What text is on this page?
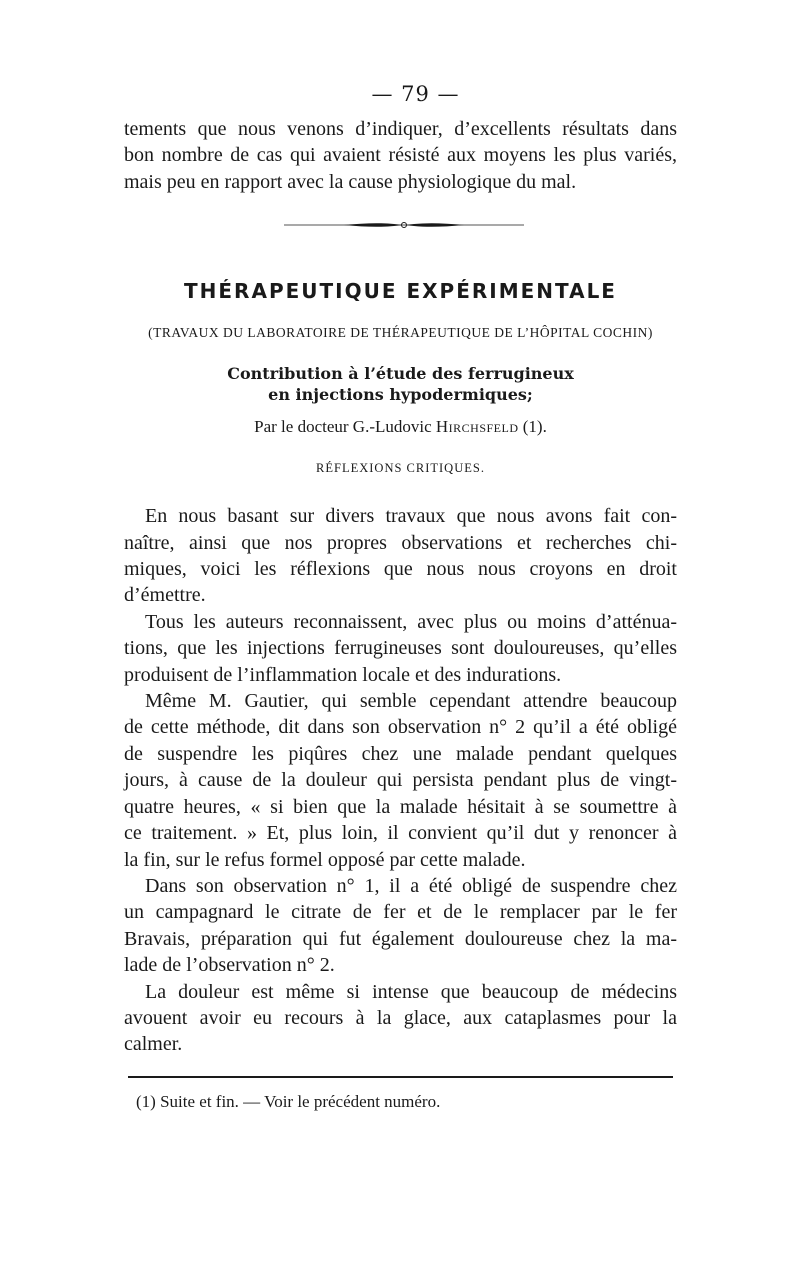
— 79 —
tements que nous venons d’indiquer, d’excellents résultats dans
bon nombre de cas qui avaient résisté aux moyens les plus variés,
mais peu en rapport avec la cause physiologique du mal.
THÉRAPEUTIQUE EXPÉRIMENTALE
(TRAVAUX DU LABORATOIRE DE THÉRAPEUTIQUE DE L’HÔPITAL COCHIN)
Contribution à l’étude des ferrugineux
en injections hypodermiques;
Par le docteur G.-Ludovic Hirchsfeld (1).
RÉFLEXIONS CRITIQUES.
En nous basant sur divers travaux que nous avons fait con-
naître, ainsi que nos propres observations et recherches chi-
miques, voici les réflexions que nous nous croyons en droit
d’émettre.
Tous les auteurs reconnaissent, avec plus ou moins d’atténua-
tions, que les injections ferrugineuses sont douloureuses, qu’elles
produisent de l’inflammation locale et des indurations.
Même M. Gautier, qui semble cependant attendre beaucoup
de cette méthode, dit dans son observation n° 2 qu’il a été obligé
de suspendre les piqûres chez une malade pendant quelques
jours, à cause de la douleur qui persista pendant plus de vingt-
quatre heures, « si bien que la malade hésitait à se soumettre à
ce traitement. » Et, plus loin, il convient qu’il dut y renoncer à
la fin, sur le refus formel opposé par cette malade.
Dans son observation n° 1, il a été obligé de suspendre chez
un campagnard le citrate de fer et de le remplacer par le fer
Bravais, préparation qui fut également douloureuse chez la ma-
lade de l’observation n° 2.
La douleur est même si intense que beaucoup de médecins
avouent avoir eu recours à la glace, aux cataplasmes pour la
calmer.
(1) Suite et fin. — Voir le précédent numéro.
